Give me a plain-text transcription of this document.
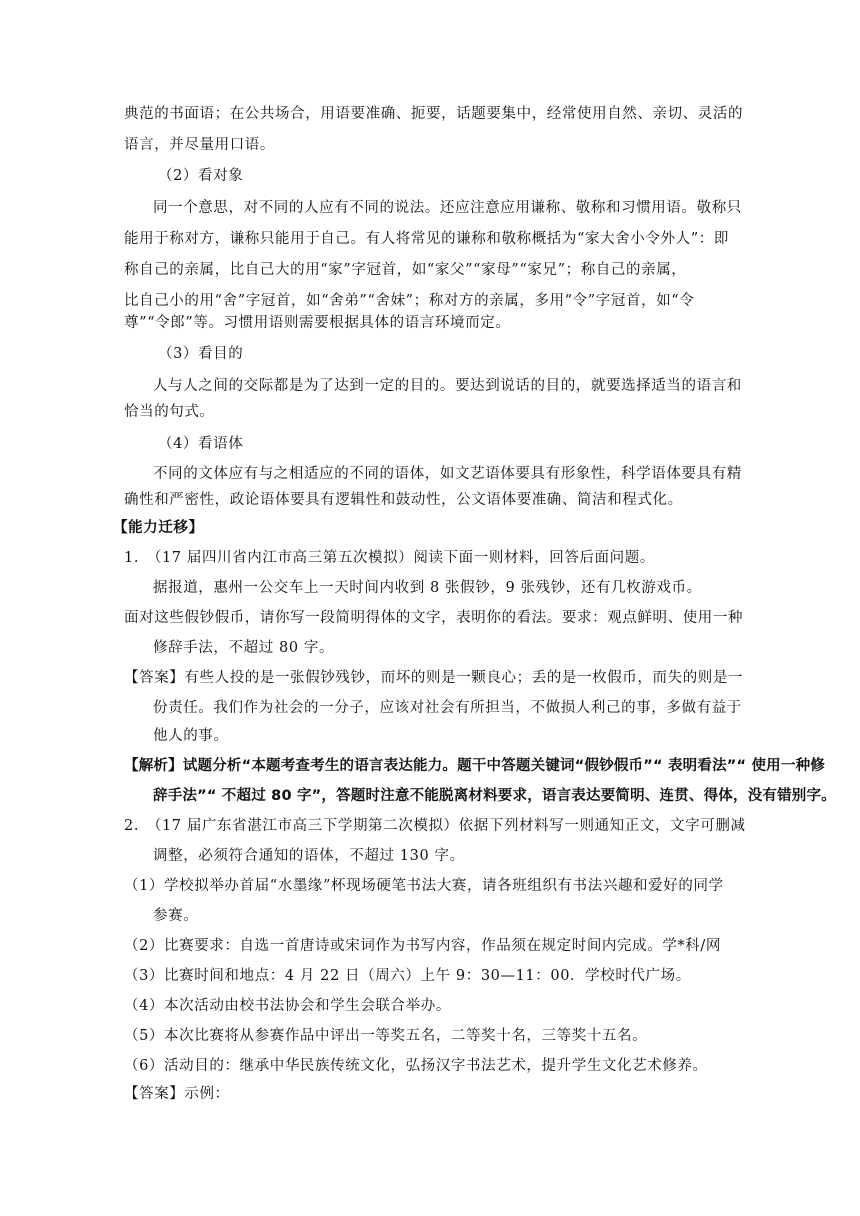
典范的书面语；在公共场合，用语要准确、扼要，话题要集中，经常使用自然、亲切、灵活的
语言，并尽量用口语。
（2）看对象
同一个意思，对不同的人应有不同的说法。还应注意应用谦称、敬称和习惯用语。敬称只
能用于称对方，谦称只能用于自己。有人将常见的谦称和敬称概括为“家大舍小令外人”：即
称自己的亲属，比自己大的用“家”字冠首，如“家父”“家母”“家兄”；称自己的亲属，
比自己小的用“舍”字冠首，如“舍弟”“舍妹”；称对方的亲属，多用“令”字冠首，如“令
尊”“令郎”等。习惯用语则需要根据具体的语言环境而定。
（3）看目的
人与人之间的交际都是为了达到一定的目的。要达到说话的目的，就要选择适当的语言和
恰当的句式。
（4）看语体
不同的文体应有与之相适应的不同的语体，如文艺语体要具有形象性，科学语体要具有精
确性和严密性，政论语体要具有逻辑性和鼓动性，公文语体要准确、简洁和程式化。
【能力迁移】
1.　（17 届四川省内江市高三第五次模拟）阅读下面一则材料，回答后面问题。
据报道，惠州一公交车上一天时间内收到 8 张假钞，9 张残钞，还有几枚游戏币。
面对这些假钞假币，请你写一段简明得体的文字，表明你的看法。要求：观点鲜明、使用一种
修辞手法，不超过 80 字。
【答案】有些人投的是一张假钞残钞，而坏的则是一颗良心；丢的是一枚假币，而失的则是一
份责任。我们作为社会的一分子，应该对社会有所担当，不做损人利己的事，多做有益于
他人的事。
【解析】试题分析“本题考查考生的语言表达能力。题干中答题关键词“假钞假币”“ 表明看法”“ 使用一种修
辞手法”“ 不超过 80 字”，答题时注意不能脱离材料要求，语言表达要简明、连贯、得体，没有错别字。
2.　（17 届广东省湛江市高三下学期第二次模拟）依据下列材料写一则通知正文，文字可删减
调整，必须符合通知的语体，不超过 130 字。
（1）学校拟举办首届“水墨缘”杯现场硬笔书法大赛，请各班组织有书法兴趣和爱好的同学
参赛。
（2）比赛要求：自选一首唐诗或宋词作为书写内容，作品须在规定时间内完成。学*科/网
（3）比赛时间和地点：4 月 22 日（周六）上午 9：30—11：00．学校时代广场。
（4）本次活动由校书法协会和学生会联合举办。
（5）本次比赛将从参赛作品中评出一等奖五名，二等奖十名，三等奖十五名。
（6）活动目的：继承中华民族传统文化，弘扬汉字书法艺术，提升学生文化艺术修养。
【答案】示例：
